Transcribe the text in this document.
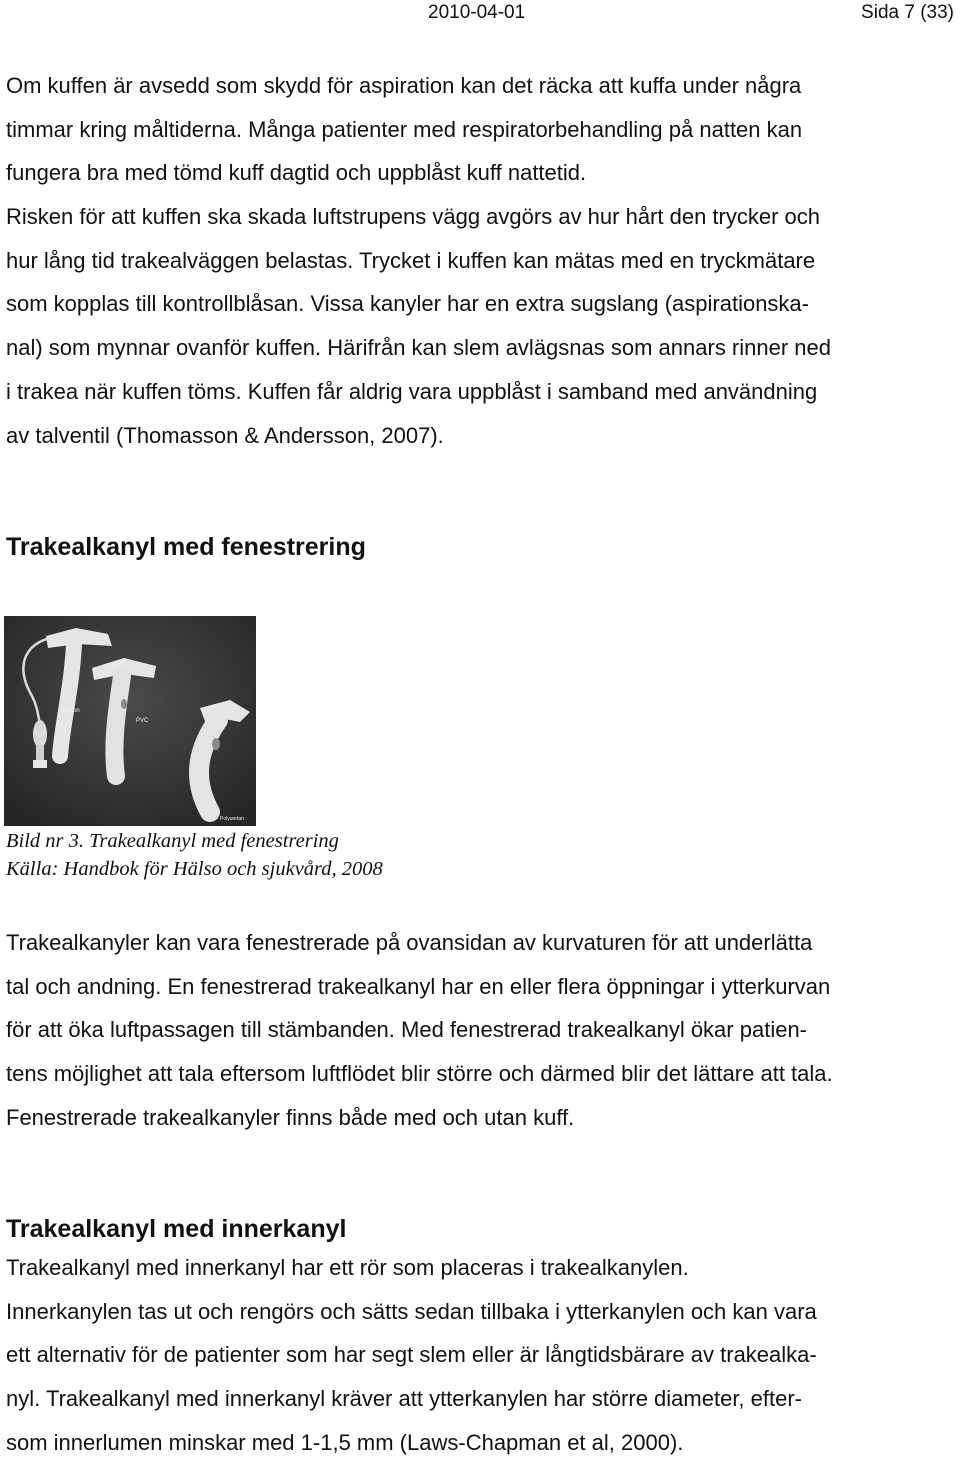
2010-04-01	Sida 7 (33)
Om kuffen är avsedd som skydd för aspiration kan det räcka att kuffa under några
timmar kring måltiderna. Många patienter med respiratorbehandling på natten kan
fungera bra med tömd kuff dagtid och uppblåst kuff nattetid.
Risken för att kuffen ska skada luftstrupens vägg avgörs av hur hårt den trycker och
hur lång tid trakealväggen belastas. Trycket i kuffen kan mätas med en tryckmätare
som kopplas till kontrollblåsan. Vissa kanyler har en extra sugslang (aspirationska-
nal) som mynnar ovanför kuffen. Härifrån kan slem avlägsnas som annars rinner ned
i trakea när kuffen töms. Kuffen får aldrig vara uppblåst i samband med användning
av talventil (Thomasson & Andersson, 2007).
Trakealkanyl med fenestrering
Silikon
PVC
Polyuretan
Bild nr 3. Trakealkanyl med fenestrering
Källa: Handbok för Hälso och sjukvård, 2008
Trakealkanyler kan vara fenestrerade på ovansidan av kurvaturen för att underlätta
tal och andning. En fenestrerad trakealkanyl har en eller flera öppningar i ytterkurvan
för att öka luftpassagen till stämbanden. Med fenestrerad trakealkanyl ökar patien-
tens möjlighet att tala eftersom luftflödet blir större och därmed blir det lättare att tala.
Fenestrerade trakealkanyler finns både med och utan kuff.
Trakealkanyl med innerkanyl
Trakealkanyl med innerkanyl har ett rör som placeras i trakealkanylen.
Innerkanylen tas ut och rengörs och sätts sedan tillbaka i ytterkanylen och kan vara
ett alternativ för de patienter som har segt slem eller är långtidsbärare av trakealka-
nyl. Trakealkanyl med innerkanyl kräver att ytterkanylen har större diameter, efter-
som innerlumen minskar med 1-1,5 mm (Laws-Chapman et al, 2000).
